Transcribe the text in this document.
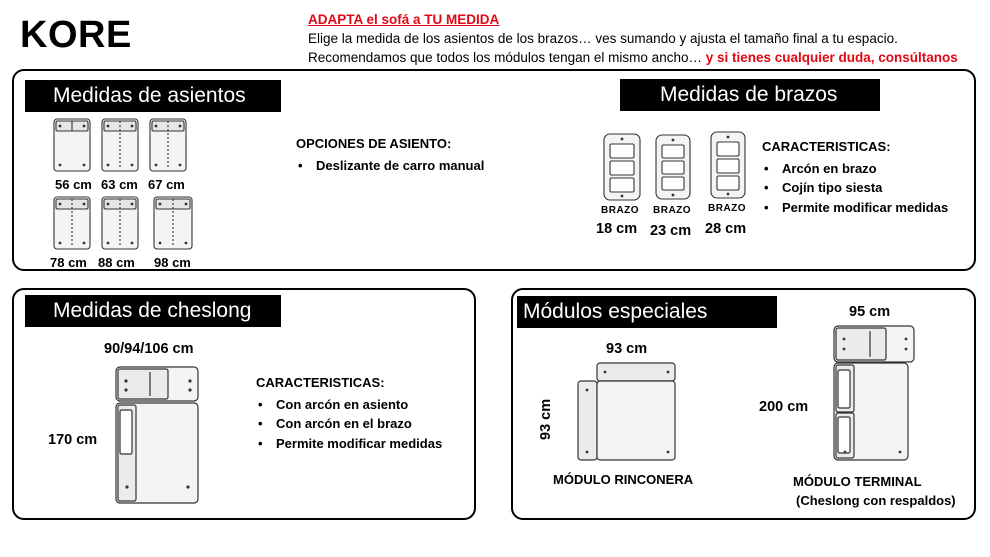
KORE	ADAPTA el sofá a TU MEDIDA
Elige la medida de los asientos de los brazos… ves sumando y ajusta el tamaño final a tu espacio.
Recomendamos que todos los módulos tengan el mismo ancho… y si tienes cualquier duda, consúltanos
Medidas de asientos	Medidas de brazos
56 cm 63 cm 67 cm
78 cm 88 cm 98 cm
OPCIONES DE ASIENTO:
• Deslizante de carro manual
BRAZO BRAZO BRAZO
18 cm 23 cm 28 cm
CARACTERISTICAS:
• Arcón en brazo
• Cojín tipo siesta
• Permite modificar medidas
Medidas de cheslong
90/94/106 cm
170 cm
CARACTERISTICAS:
• Con arcón en asiento
• Con arcón en el brazo
• Permite modificar medidas
Módulos especiales
93 cm
93 cm
MÓDULO RINCONERA
95 cm
200 cm
MÓDULO TERMINAL
(Cheslong con respaldos)
